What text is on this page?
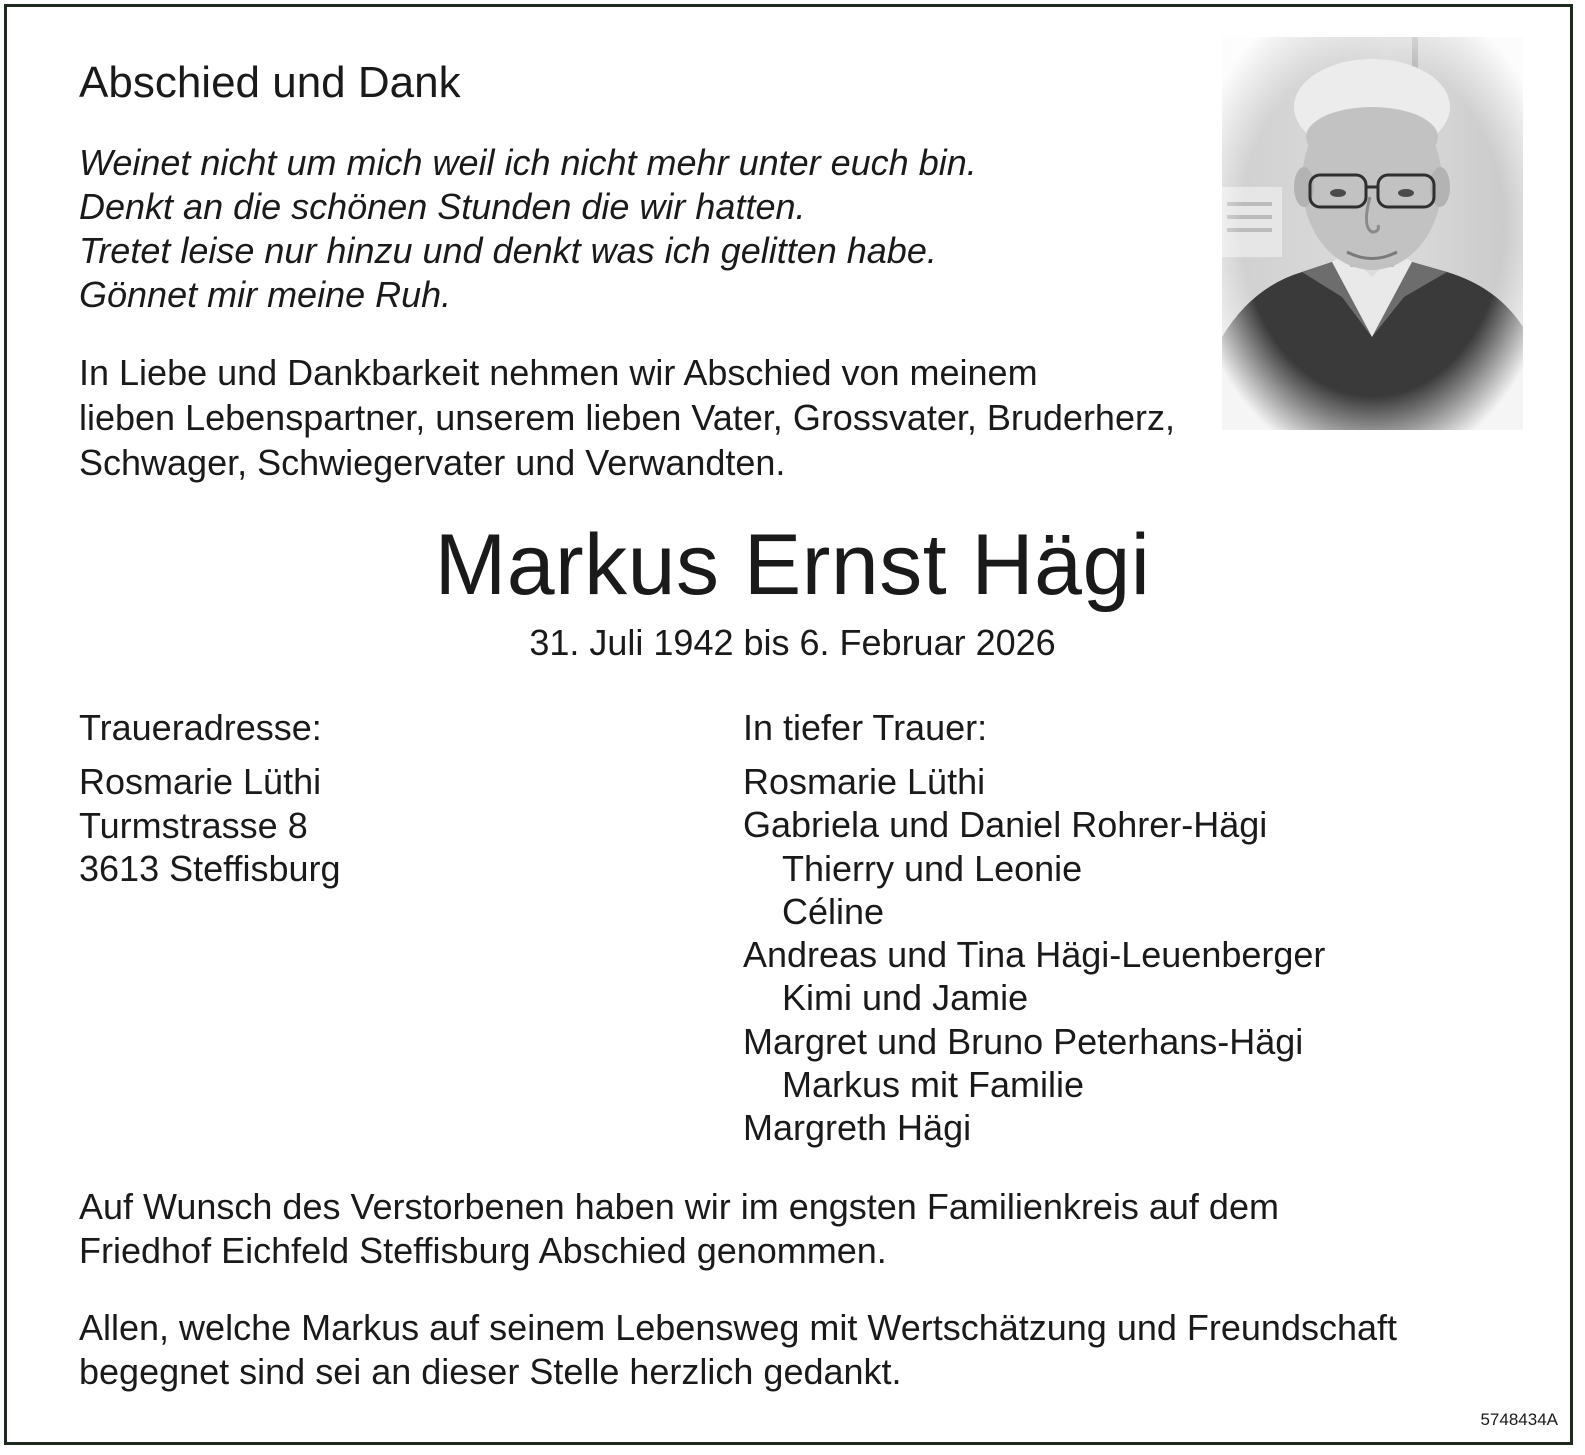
Abschied und Dank
Weinet nicht um mich weil ich nicht mehr unter euch bin.
Denkt an die schönen Stunden die wir hatten.
Tretet leise nur hinzu und denkt was ich gelitten habe.
Gönnet mir meine Ruh.
In Liebe und Dankbarkeit nehmen wir Abschied von meinem
lieben Lebenspartner, unserem lieben Vater, Grossvater, Bruderherz,
Schwager, Schwiegervater und Verwandten.
Markus Ernst Hägi
31. Juli 1942 bis 6. Februar 2026
Traueradresse:
Rosmarie Lüthi
Turmstrasse 8
3613 Steffisburg
In tiefer Trauer:
Rosmarie Lüthi
Gabriela und Daniel Rohrer-Hägi
Thierry und Leonie
Céline
Andreas und Tina Hägi-Leuenberger
Kimi und Jamie
Margret und Bruno Peterhans-Hägi
Markus mit Familie
Margreth Hägi
Auf Wunsch des Verstorbenen haben wir im engsten Familienkreis auf dem
Friedhof Eichfeld Steffisburg Abschied genommen.
Allen, welche Markus auf seinem Lebensweg mit Wertschätzung und Freundschaft
begegnet sind sei an dieser Stelle herzlich gedankt.
5748434A
